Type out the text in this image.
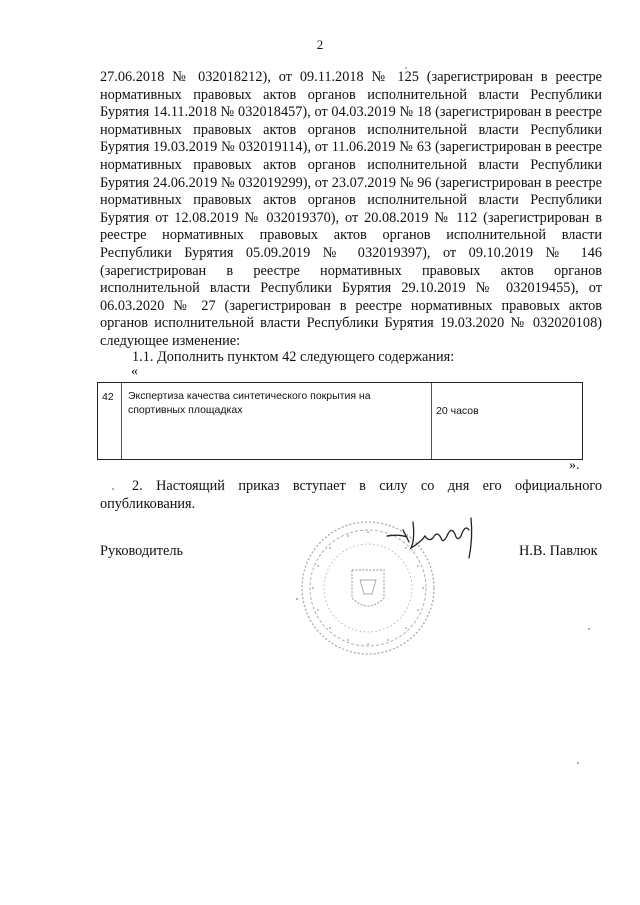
2

27.06.2018 № 032018212), от 09.11.2018 № 125 (зарегистрирован в реестре нормативных правовых актов органов исполнительной власти Республики Бурятия 14.11.2018 № 032018457), от 04.03.2019 № 18 (зарегистрирован в реестре нормативных правовых актов органов исполнительной власти Республики Бурятия 19.03.2019 № 032019114), от 11.06.2019 № 63 (зарегистрирован в реестре нормативных правовых актов органов исполнительной власти Республики Бурятия 24.06.2019 № 032019299), от 23.07.2019 № 96 (зарегистрирован в реестре нормативных правовых актов органов исполнительной власти Республики Бурятия от 12.08.2019 № 032019370), от 20.08.2019 № 112 (зарегистрирован в реестре нормативных правовых актов органов исполнительной власти Республики Бурятия 05.09.2019 № 032019397), от 09.10.2019 № 146 (зарегистрирован в реестре нормативных правовых актов органов исполнительной власти Республики Бурятия 29.10.2019 № 032019455), от 06.03.2020 № 27 (зарегистрирован в реестре нормативных правовых актов органов исполнительной власти Республики Бурятия 19.03.2020 № 032020108) следующее изменение:

1.1. Дополнить пунктом 42 следующего содержания:

«
42	Экспертиза качества синтетического покрытия на спортивных площадках	20 часов
».

2. Настоящий приказ вступает в силу со дня его официального опубликования.

Руководитель	Н.В. Павлюк
